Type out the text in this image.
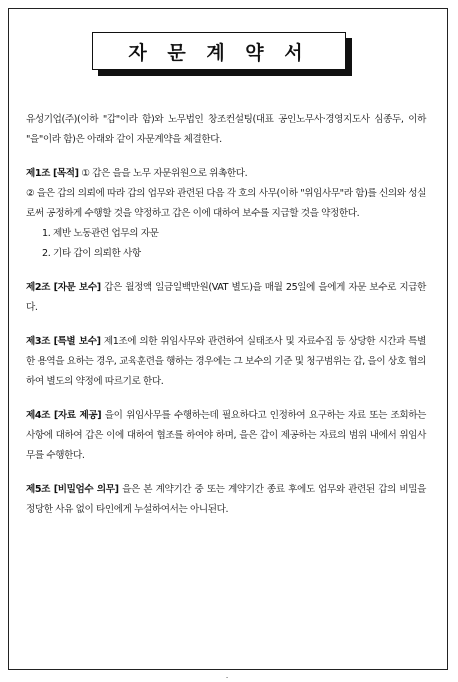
자 문 계 약 서

유성기업(주)(이하 "갑"이라 함)와 노무법인 창조컨설팅(대표 공인노무사·경영지도사 심종두, 이하 "을"이라 함)은 아래와 같이 자문계약을 체결한다.

제1조 [목적] ① 갑은 을을 노무 자문위원으로 위촉한다.

② 을은 갑의 의뢰에 따라 갑의 업무와 관련된 다음 각 호의 사무(이하 "위임사무"라 함)를 신의와 성실로써 공정하게 수행할 것을 약정하고 갑은 이에 대하여 보수를 지급할 것을 약정한다.

1. 제반 노동관련 업무의 자문

2. 기타 갑이 의뢰한 사항

제2조 [자문 보수] 갑은 월정액 일금일백만원(VAT 별도)을 매월 25일에 을에게 자문 보수로 지급한다.

제3조 [특별 보수] 제1조에 의한 위임사무와 관련하여 실태조사 및 자료수집 등 상당한 시간과 특별한 용역을 요하는 경우, 교육훈련을 행하는 경우에는 그 보수의 기준 및 청구범위는 갑, 을이 상호 협의하여 별도의 약정에 따르기로 한다.

제4조 [자료 제공] 을이 위임사무를 수행하는데 필요하다고 인정하여 요구하는 자료 또는 조회하는 사항에 대하여 갑은 이에 대하여 협조를 하여야 하며, 을은 갑이 제공하는 자료의 범위 내에서 위임사무를 수행한다.

제5조 [비밀엄수 의무] 을은 본 계약기간 중 또는 계약기간 종료 후에도 업무와 관련된 갑의 비밀을 정당한 사유 없이 타인에게 누설하여서는 아니된다.

-
